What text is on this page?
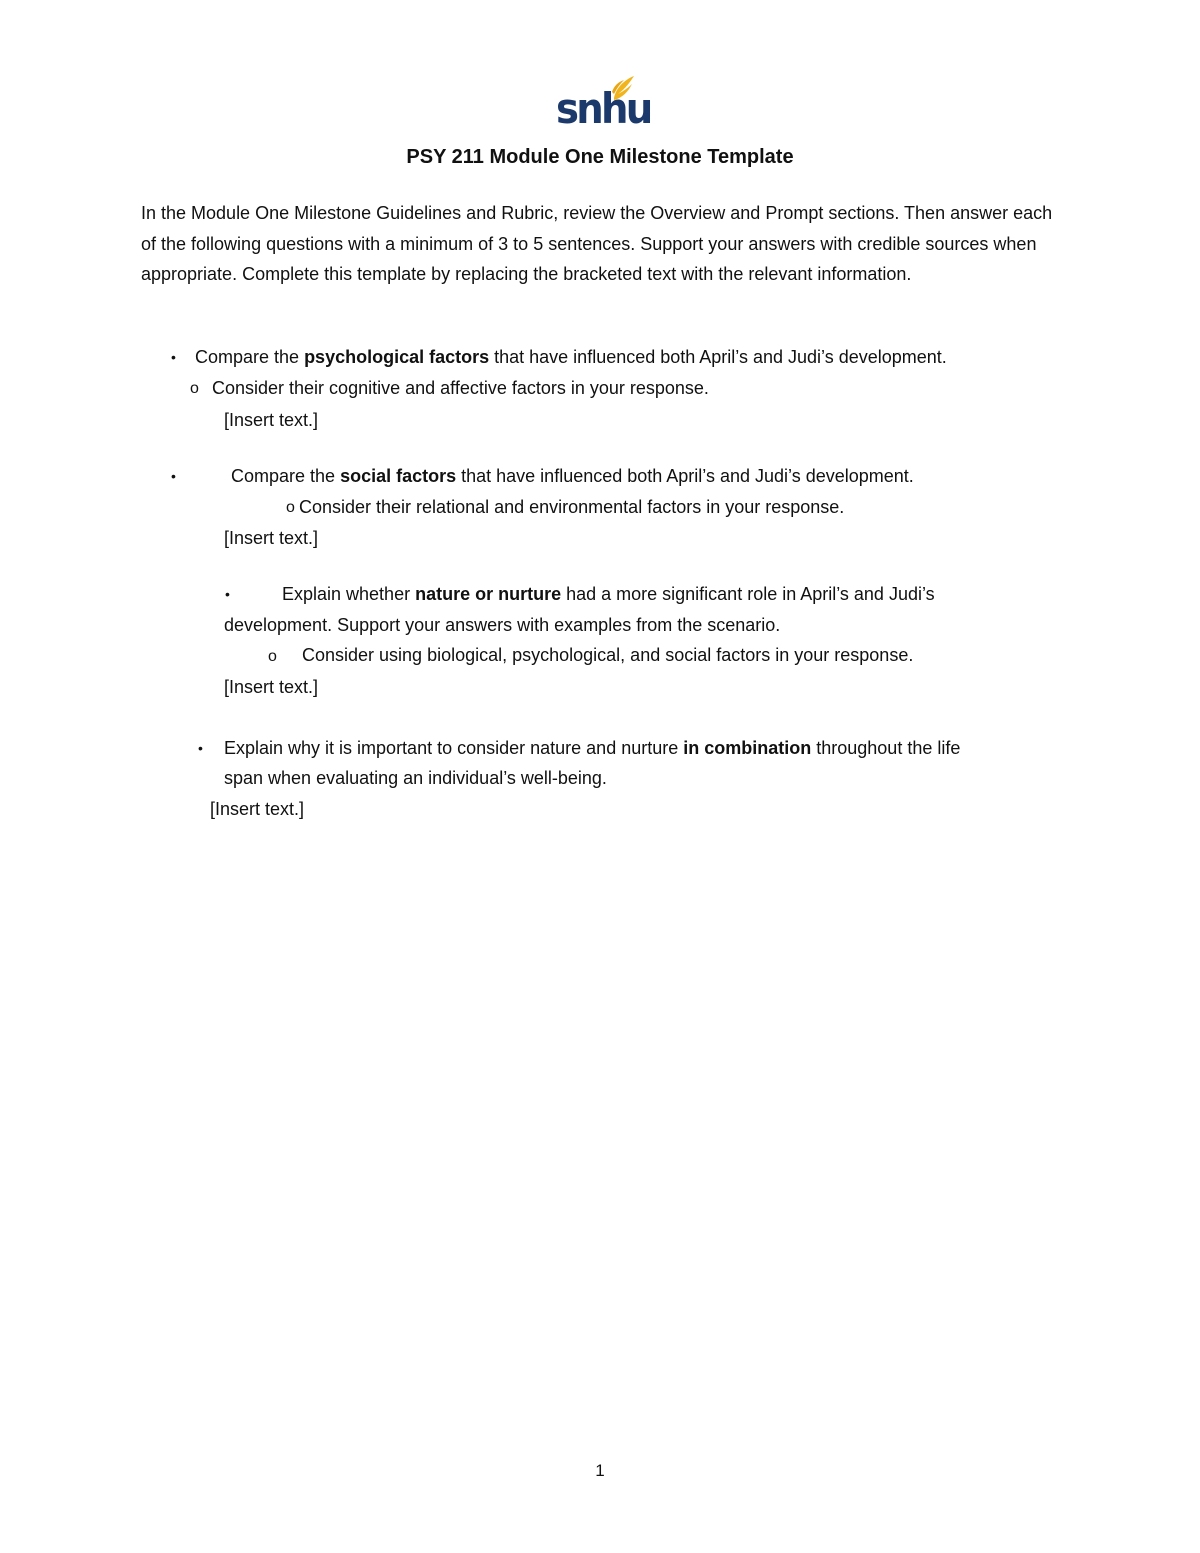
snhu
PSY 211 Module One Milestone Template
In the Module One Milestone Guidelines and Rubric, review the Overview and Prompt sections. Then answer each of the following questions with a minimum of 3 to 5 sentences. Support your answers with credible sources when appropriate. Complete this template by replacing the bracketed text with the relevant information.
• Compare the psychological factors that have influenced both April’s and Judi’s development.
o Consider their cognitive and affective factors in your response.
[Insert text.]
•	Compare the social factors that have influenced both April’s and Judi’s development.
o Consider their relational and environmental factors in your response.
[Insert text.]
•	Explain whether nature or nurture had a more significant role in April’s and Judi’s
development. Support your answers with examples from the scenario.
o Consider using biological, psychological, and social factors in your response.
[Insert text.]
• Explain why it is important to consider nature and nurture in combination throughout the life
span when evaluating an individual’s well-being.
[Insert text.]
1
